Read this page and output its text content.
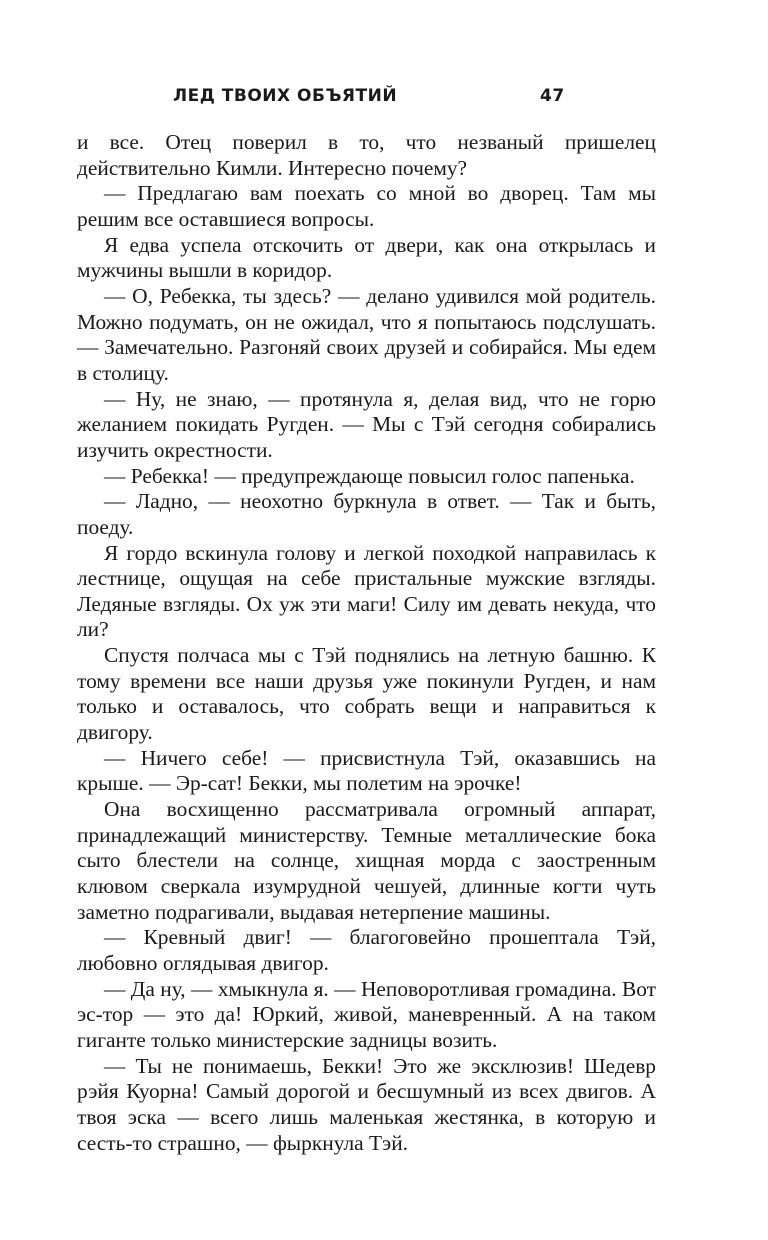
ЛЕД ТВОИХ ОБЪЯТИЙ	47

и все. Отец поверил в то, что незваный пришелец действительно Кимли. Интересно почему?

— Предлагаю вам поехать со мной во дворец. Там мы решим все оставшиеся вопросы.

Я едва успела отскочить от двери, как она открылась и мужчины вышли в коридор.

— О, Ребекка, ты здесь? — делано удивился мой родитель. Можно подумать, он не ожидал, что я попытаюсь подслушать. — Замечательно. Разгоняй своих друзей и собирайся. Мы едем в столицу.

— Ну, не знаю, — протянула я, делая вид, что не горю желанием покидать Ругден. — Мы с Тэй сегодня собирались изучить окрестности.

— Ребекка! — предупреждающе повысил голос папенька.

— Ладно, — неохотно буркнула в ответ. — Так и быть, поеду.

Я гордо вскинула голову и легкой походкой направилась к лестнице, ощущая на себе пристальные мужские взгляды. Ледяные взгляды. Ох уж эти маги! Силу им девать некуда, что ли?

Спустя полчаса мы с Тэй поднялись на летную башню. К тому времени все наши друзья уже покинули Ругден, и нам только и оставалось, что собрать вещи и направиться к двигору.

— Ничего себе! — присвистнула Тэй, оказавшись на крыше. — Эр-сат! Бекки, мы полетим на эрочке!

Она восхищенно рассматривала огромный аппарат, принадлежащий министерству. Темные металлические бока сыто блестели на солнце, хищная морда с заостренным клювом сверкала изумрудной чешуей, длинные когти чуть заметно подрагивали, выдавая нетерпение машины.

— Кревный двиг! — благоговейно прошептала Тэй, любовно оглядывая двигор.

— Да ну, — хмыкнула я. — Неповоротливая громадина. Вот эс-тор — это да! Юркий, живой, маневренный. А на таком гиганте только министерские задницы возить.

— Ты не понимаешь, Бекки! Это же эксклюзив! Шедевр рэйя Куорна! Самый дорогой и бесшумный из всех двигов. А твоя эска — всего лишь маленькая жестянка, в которую и сесть-то страшно, — фыркнула Тэй.
